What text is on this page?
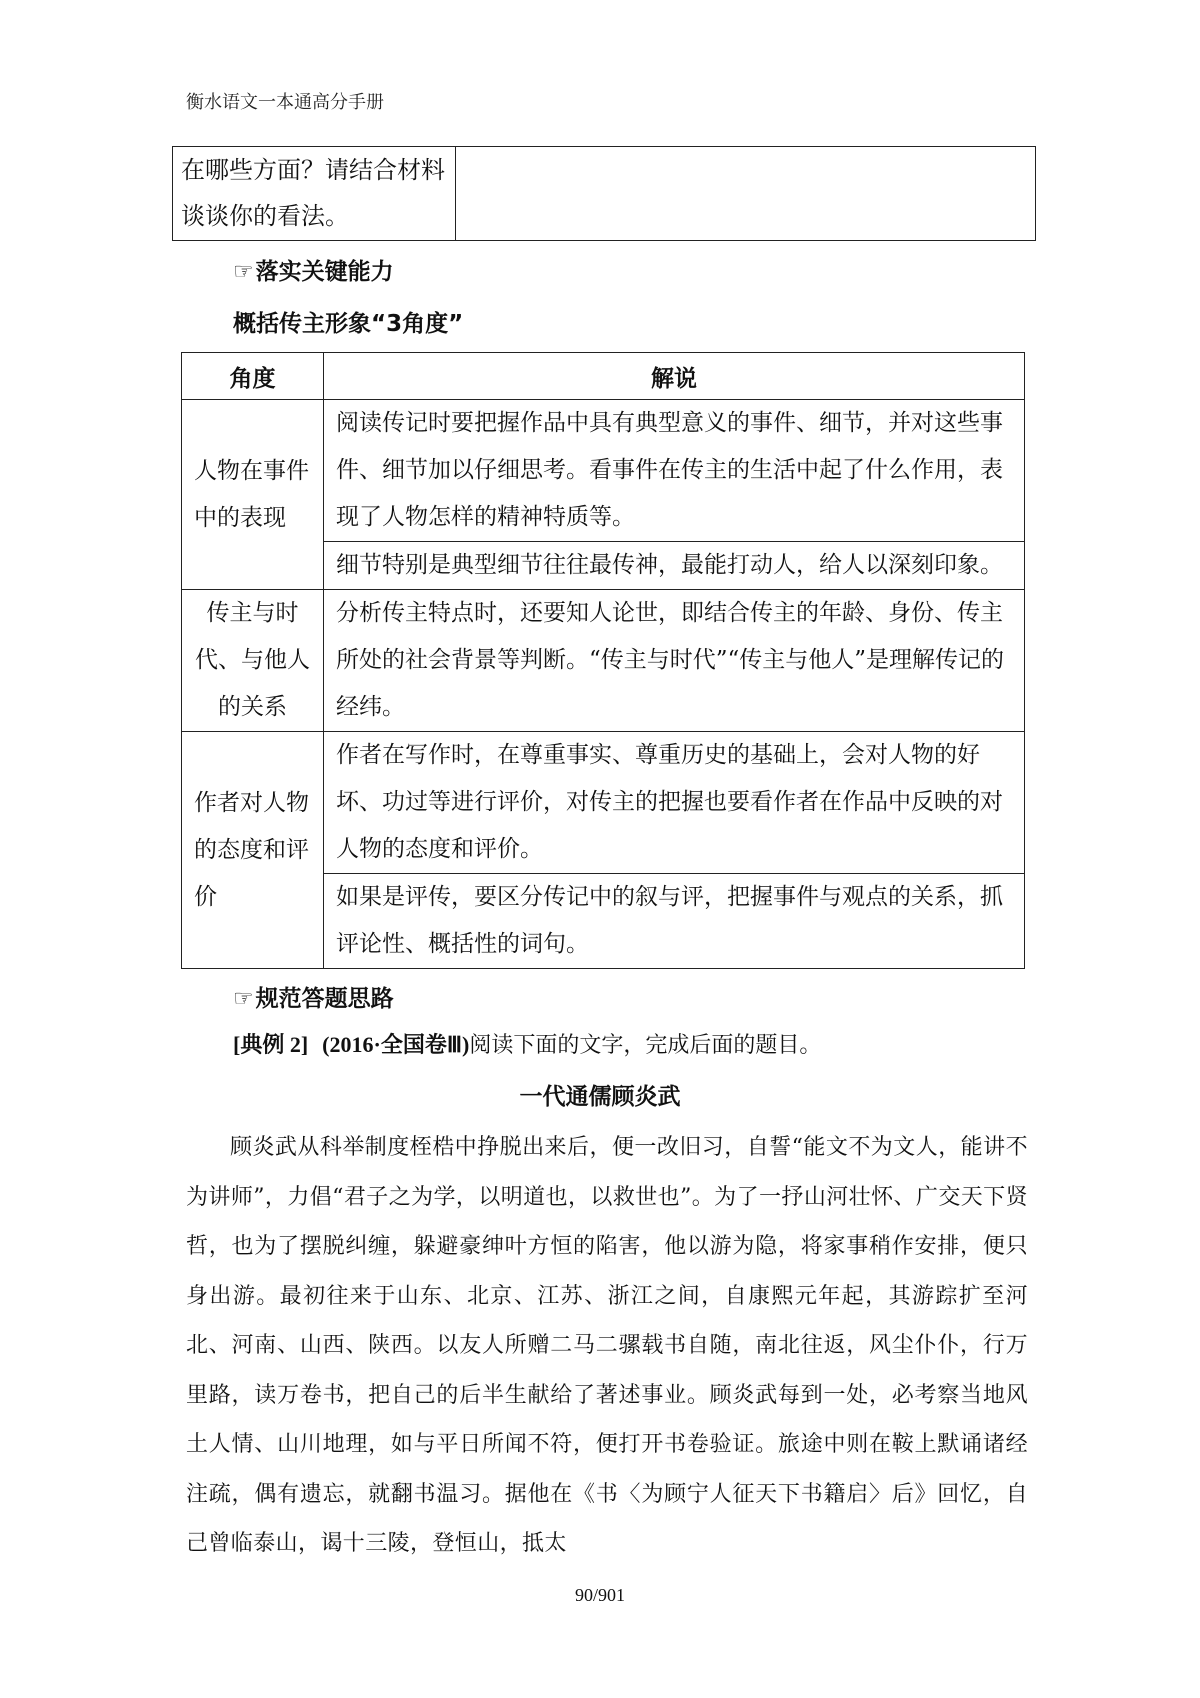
衡水语文一本通高分手册
在哪些方面？请结合材料
谈谈你的看法。

☞落实关键能力
概括传主形象“3角度”
角度	解说
人物在事件中的表现	阅读传记时要把握作品中具有典型意义的事件、细节，并对这些事件、细节加以仔细思考。看事件在传主的生活中起了什么作用，表现了人物怎样的精神特质等。
	细节特别是典型细节往往最传神，最能打动人，给人以深刻印象。
传主与时代、与他人的关系	分析传主特点时，还要知人论世，即结合传主的年龄、身份、传主所处的社会背景等判断。“传主与时代”“传主与他人”是理解传记的经纬。
作者对人物的态度和评价	作者在写作时，在尊重事实、尊重历史的基础上，会对人物的好坏、功过等进行评价，对传主的把握也要看作者在作品中反映的对人物的态度和评价。
	如果是评传，要区分传记中的叙与评，把握事件与观点的关系，抓评论性、概括性的词句。
☞规范答题思路
[典例 2] (2016·全国卷Ⅲ)阅读下面的文字，完成后面的题目。
一代通儒顾炎武
顾炎武从科举制度桎梏中挣脱出来后，便一改旧习，自誓“能文不为文人，能讲不为讲师”，力倡“君子之为学，以明道也，以救世也”。为了一抒山河壮怀、广交天下贤哲，也为了摆脱纠缠，躲避豪绅叶方恒的陷害，他以游为隐，将家事稍作安排，便只身出游。最初往来于山东、北京、江苏、浙江之间，自康熙元年起，其游踪扩至河北、河南、山西、陕西。以友人所赠二马二骡载书自随，南北往返，风尘仆仆，行万里路，读万卷书，把自己的后半生献给了著述事业。顾炎武每到一处，必考察当地风土人情、山川地理，如与平日所闻不符，便打开书卷验证。旅途中则在鞍上默诵诸经注疏，偶有遗忘，就翻书温习。据他在《书〈为顾宁人征天下书籍启〉后》回忆，自己曾临泰山，谒十三陵，登恒山，抵太
90/901
